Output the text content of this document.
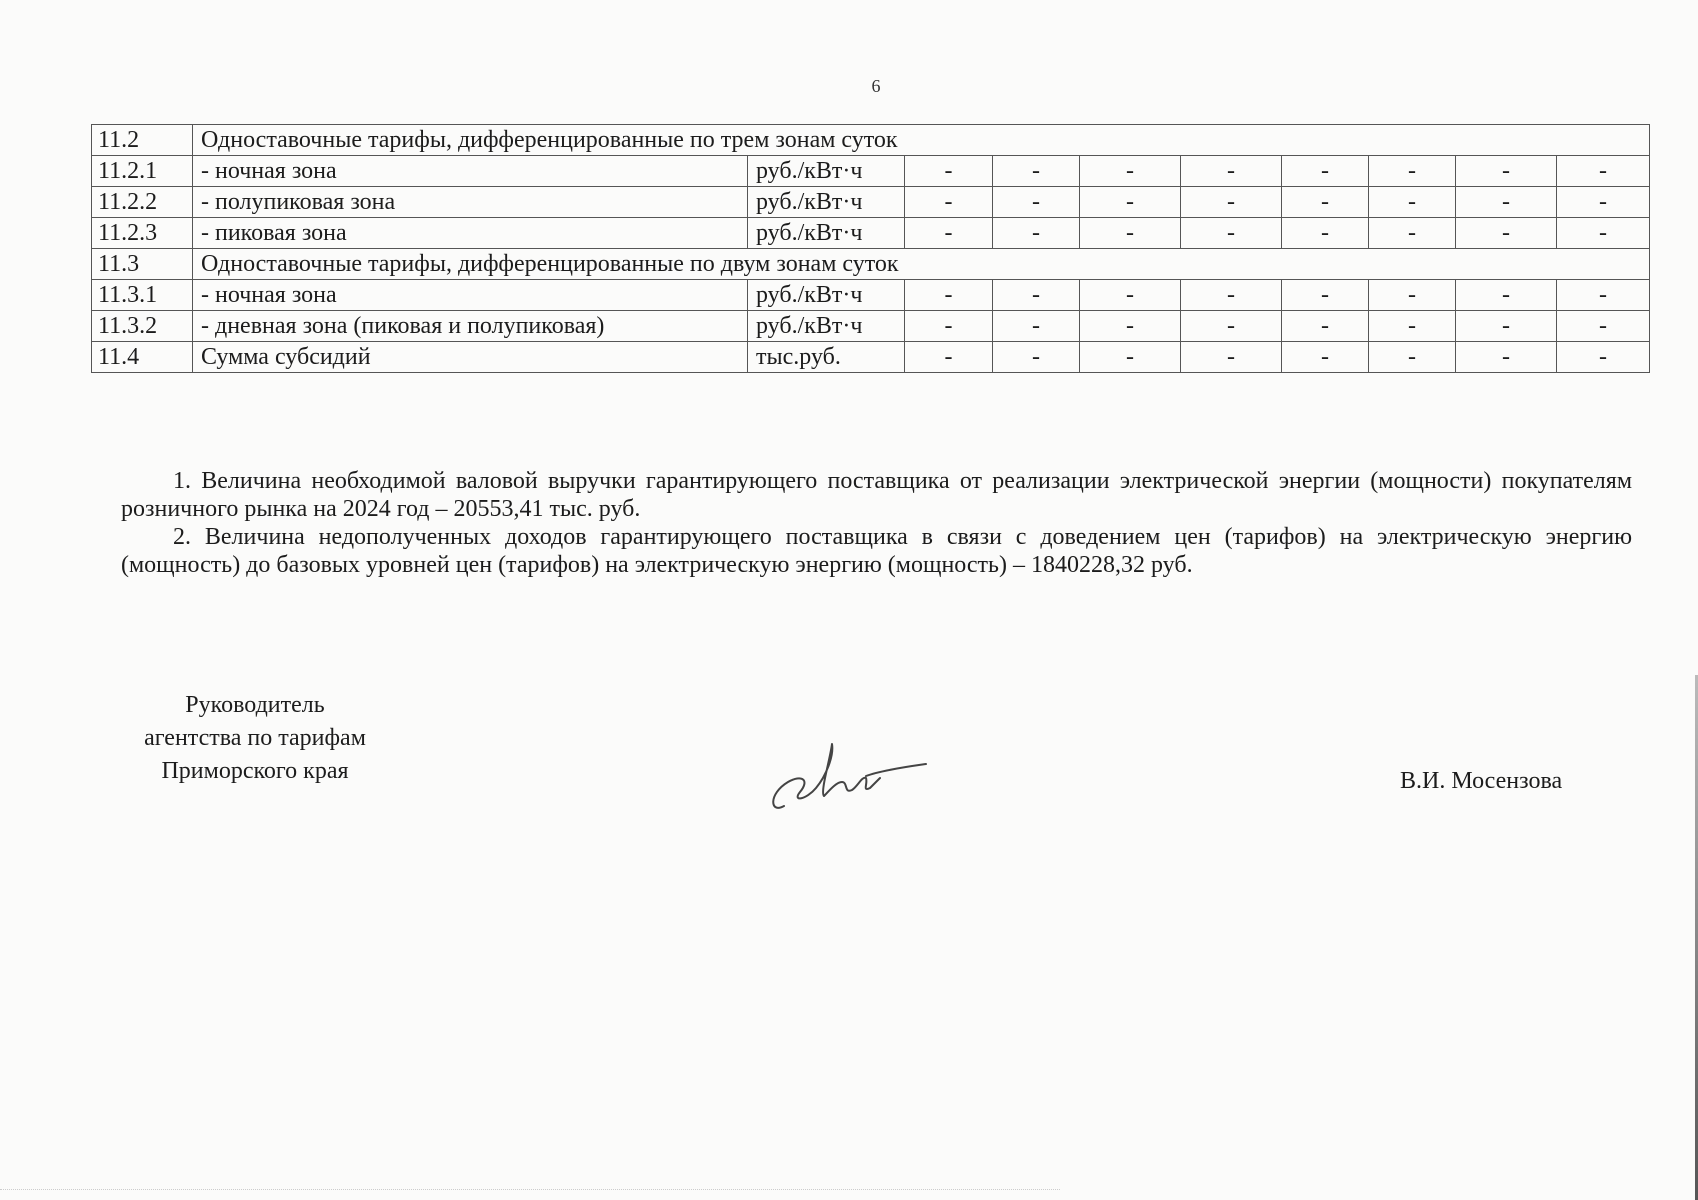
6
11.2	Одноставочные тарифы, дифференцированные по трем зонам суток									
11.2.1	- ночная зона	руб./кВт·ч	-	-	-	-	-	-	-	-
11.2.2	- полупиковая зона	руб./кВт·ч	-	-	-	-	-	-	-	-
11.2.3	- пиковая зона	руб./кВт·ч	-	-	-	-	-	-	-	-
11.3	Одноставочные тарифы, дифференцированные по двум зонам суток									
11.3.1	- ночная зона	руб./кВт·ч	-	-	-	-	-	-	-	-
11.3.2	- дневная зона (пиковая и полупиковая)	руб./кВт·ч	-	-	-	-	-	-	-	-
11.4	Сумма субсидий	тыс.руб.	-	-	-	-	-	-	-	-

1. Величина необходимой валовой выручки гарантирующего поставщика от реализации электрической энергии (мощности) покупателям розничного рынка на 2024 год – 20553,41 тыс. руб.

2. Величина недополученных доходов гарантирующего поставщика в связи с доведением цен (тарифов) на электрическую энергию (мощность) до базовых уровней цен (тарифов) на электрическую энергию (мощность) – 1840228,32 руб.

Руководитель
агентства по тарифам
Приморского края	В.И. Мосензова
